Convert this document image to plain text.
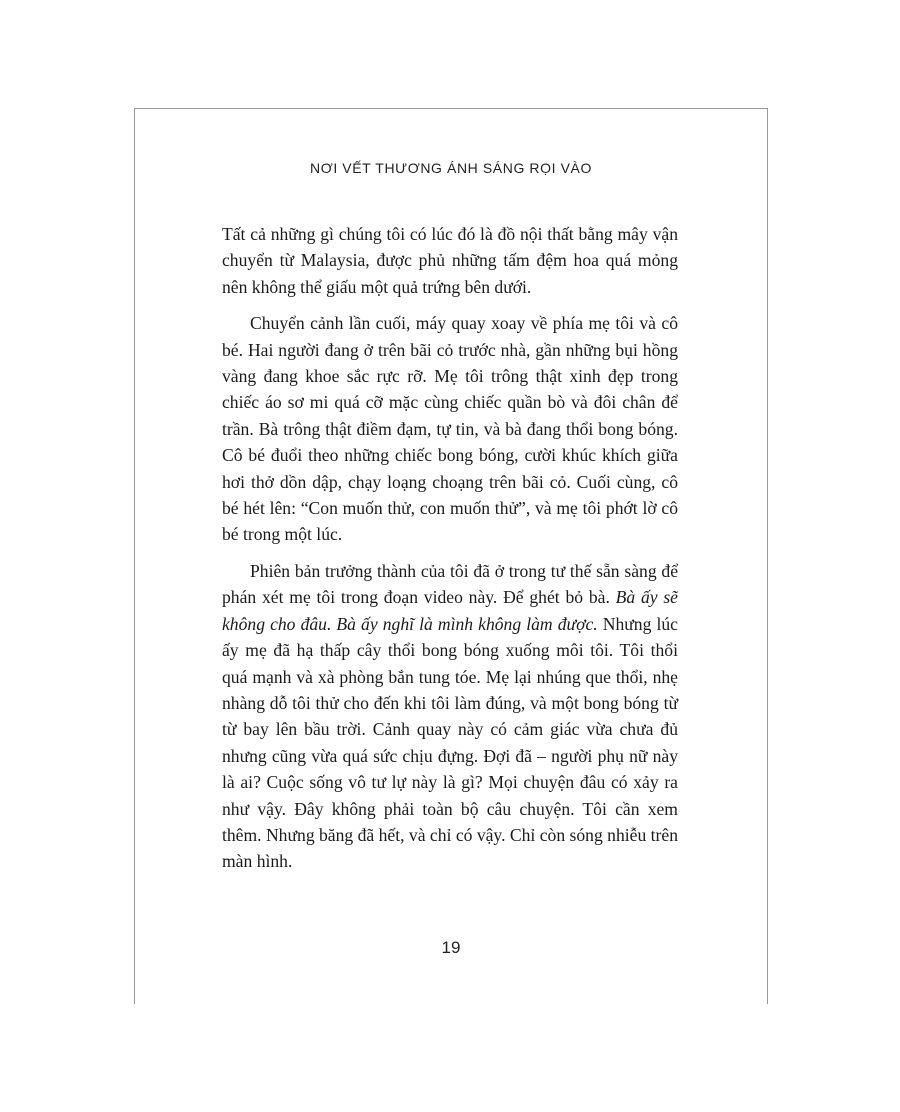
NƠI VẾT THƯƠNG ÁNH SÁNG RỌI VÀO

Tất cả những gì chúng tôi có lúc đó là đồ nội thất bằng mây vận chuyển từ Malaysia, được phủ những tấm đệm hoa quá mỏng nên không thể giấu một quả trứng bên dưới.

Chuyển cảnh lần cuối, máy quay xoay về phía mẹ tôi và cô bé. Hai người đang ở trên bãi cỏ trước nhà, gần những bụi hồng vàng đang khoe sắc rực rỡ. Mẹ tôi trông thật xinh đẹp trong chiếc áo sơ mi quá cỡ mặc cùng chiếc quần bò và đôi chân để trần. Bà trông thật điềm đạm, tự tin, và bà đang thổi bong bóng. Cô bé đuổi theo những chiếc bong bóng, cười khúc khích giữa hơi thở dồn dập, chạy loạng choạng trên bãi cỏ. Cuối cùng, cô bé hét lên: “Con muốn thử, con muốn thử”, và mẹ tôi phớt lờ cô bé trong một lúc.

Phiên bản trưởng thành của tôi đã ở trong tư thế sẵn sàng để phán xét mẹ tôi trong đoạn video này. Để ghét bỏ bà. Bà ấy sẽ không cho đâu. Bà ấy nghĩ là mình không làm được. Nhưng lúc ấy mẹ đã hạ thấp cây thổi bong bóng xuống môi tôi. Tôi thổi quá mạnh và xà phòng bắn tung tóe. Mẹ lại nhúng que thổi, nhẹ nhàng dỗ tôi thử cho đến khi tôi làm đúng, và một bong bóng từ từ bay lên bầu trời. Cảnh quay này có cảm giác vừa chưa đủ nhưng cũng vừa quá sức chịu đựng. Đợi đã – người phụ nữ này là ai? Cuộc sống vô tư lự này là gì? Mọi chuyện đâu có xảy ra như vậy. Đây không phải toàn bộ câu chuyện. Tôi cần xem thêm. Nhưng băng đã hết, và chỉ có vậy. Chỉ còn sóng nhiễu trên màn hình.

19
